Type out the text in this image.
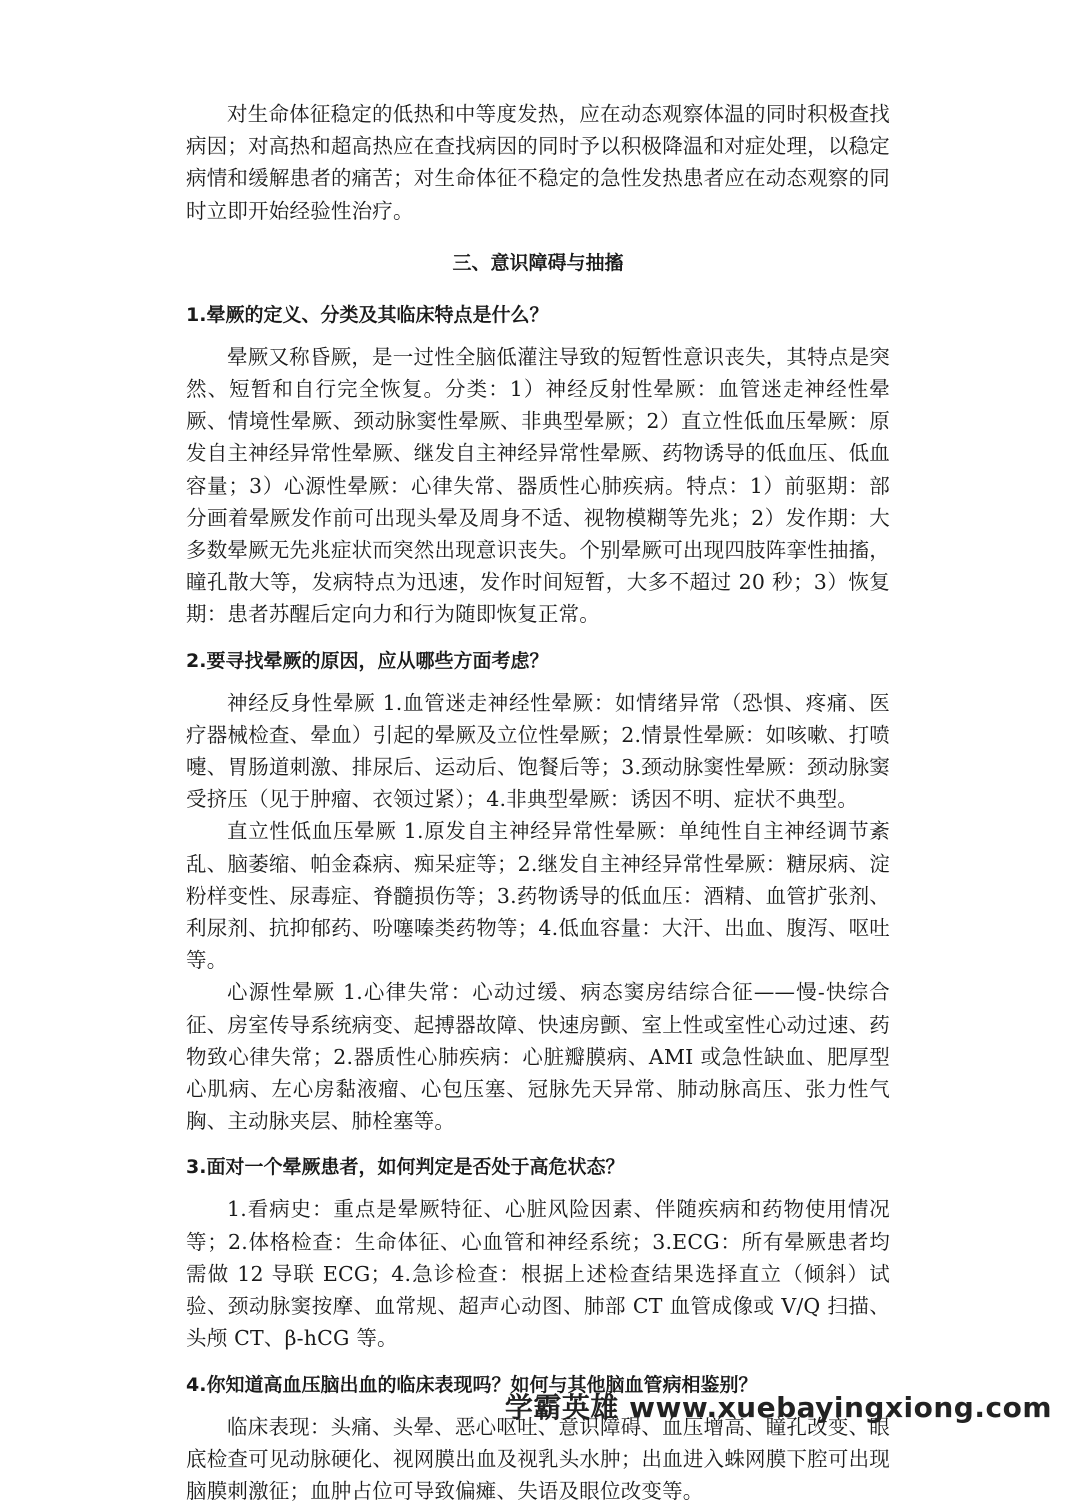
对生命体征稳定的低热和中等度发热，应在动态观察体温的同时积极查找病因；对高热和超高热应在查找病因的同时予以积极降温和对症处理，以稳定病情和缓解患者的痛苦；对生命体征不稳定的急性发热患者应在动态观察的同时立即开始经验性治疗。

三、意识障碍与抽搐

1.晕厥的定义、分类及其临床特点是什么？

晕厥又称昏厥，是一过性全脑低灌注导致的短暂性意识丧失，其特点是突然、短暂和自行完全恢复。分类：1）神经反射性晕厥：血管迷走神经性晕厥、情境性晕厥、颈动脉窦性晕厥、非典型晕厥；2）直立性低血压晕厥：原发自主神经异常性晕厥、继发自主神经异常性晕厥、药物诱导的低血压、低血容量；3）心源性晕厥：心律失常、器质性心肺疾病。特点：1）前驱期：部分画着晕厥发作前可出现头晕及周身不适、视物模糊等先兆；2）发作期：大多数晕厥无先兆症状而突然出现意识丧失。个别晕厥可出现四肢阵挛性抽搐，瞳孔散大等，发病特点为迅速，发作时间短暂，大多不超过 20 秒；3）恢复期：患者苏醒后定向力和行为随即恢复正常。

2.要寻找晕厥的原因，应从哪些方面考虑？

神经反身性晕厥 1.血管迷走神经性晕厥：如情绪异常（恐惧、疼痛、医疗器械检查、晕血）引起的晕厥及立位性晕厥；2.情景性晕厥：如咳嗽、打喷嚏、胃肠道刺激、排尿后、运动后、饱餐后等；3.颈动脉窦性晕厥：颈动脉窦受挤压（见于肿瘤、衣领过紧）；4.非典型晕厥：诱因不明、症状不典型。

直立性低血压晕厥 1.原发自主神经异常性晕厥：单纯性自主神经调节紊乱、脑萎缩、帕金森病、痴呆症等；2.继发自主神经异常性晕厥：糖尿病、淀粉样变性、尿毒症、脊髓损伤等；3.药物诱导的低血压：酒精、血管扩张剂、利尿剂、抗抑郁药、吩噻嗪类药物等；4.低血容量：大汗、出血、腹泻、呕吐等。

心源性晕厥 1.心律失常：心动过缓、病态窦房结综合征——慢-快综合征、房室传导系统病变、起搏器故障、快速房颤、室上性或室性心动过速、药物致心律失常；2.器质性心肺疾病：心脏瓣膜病、AMI 或急性缺血、肥厚型心肌病、左心房黏液瘤、心包压塞、冠脉先天异常、肺动脉高压、张力性气胸、主动脉夹层、肺栓塞等。

3.面对一个晕厥患者，如何判定是否处于高危状态？

1.看病史：重点是晕厥特征、心脏风险因素、伴随疾病和药物使用情况等；2.体格检查：生命体征、心血管和神经系统；3.ECG：所有晕厥患者均需做 12 导联 ECG；4.急诊检查：根据上述检查结果选择直立（倾斜）试验、颈动脉窦按摩、血常规、超声心动图、肺部 CT 血管成像或 V/Q 扫描、头颅 CT、β-hCG 等。

4.你知道高血压脑出血的临床表现吗？如何与其他脑血管病相鉴别？

临床表现：头痛、头晕、恶心呕吐、意识障碍、血压增高、瞳孔改变、眼底检查可见动脉硬化、视网膜出血及视乳头水肿；出血进入蛛网膜下腔可出现脑膜刺激征；血肿占位可导致偏瘫、失语及眼位改变等。

学霸英雄 www.xuebayingxiong.com
